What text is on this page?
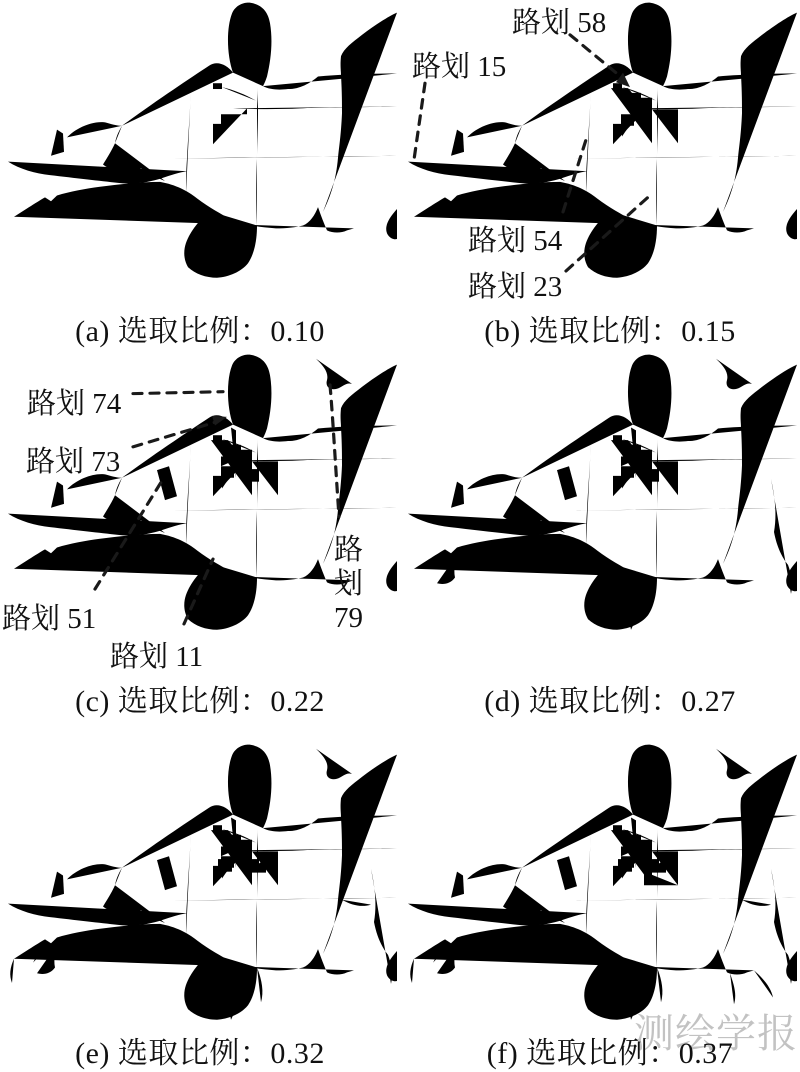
(a) 选取比例：0.10
路划 58
路划 15
路划 54
路划 23
(b) 选取比例：0.15
路划 74
路划 73
路划 51
路划 11
路
划
79
(c) 选取比例：0.22	(d) 选取比例：0.27
(e) 选取比例：0.32	(f) 选取比例：0.37
测绘学报
